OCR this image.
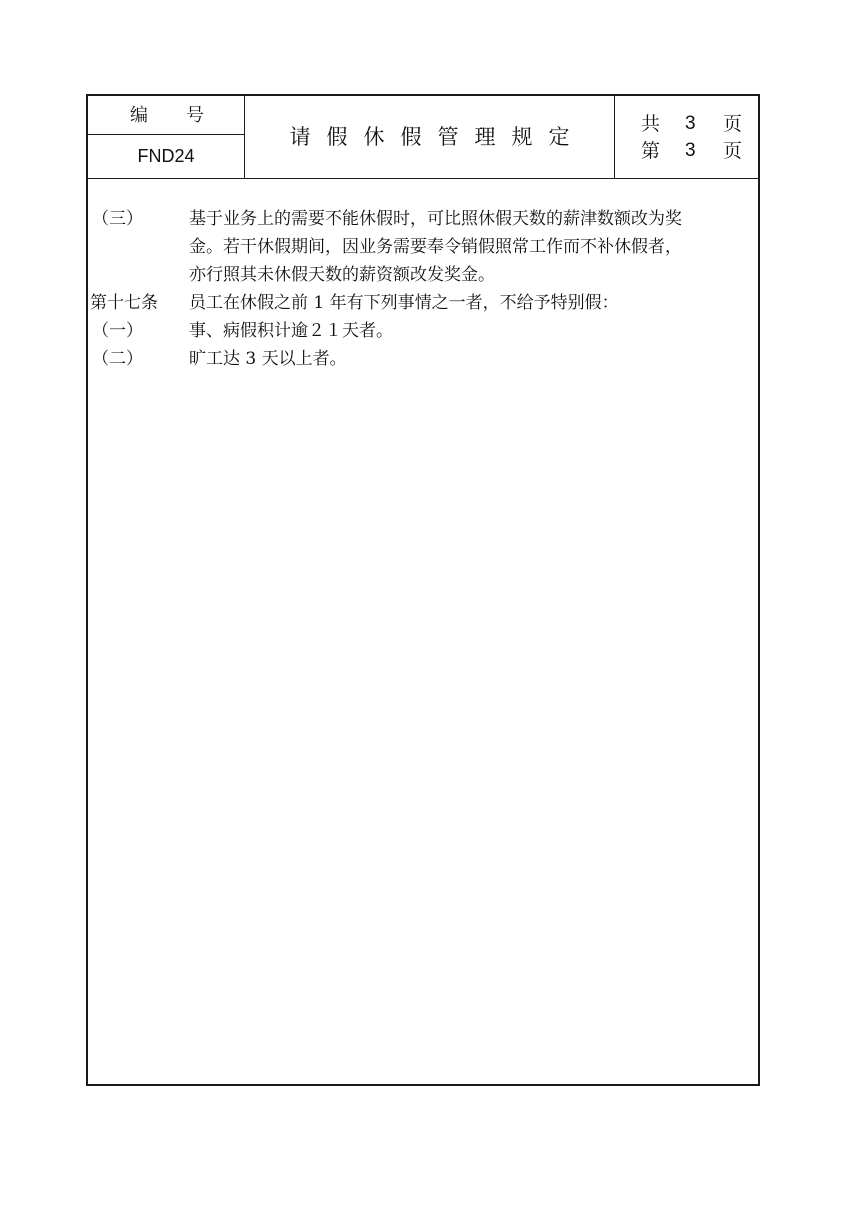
编 号
FND24
请假休假管理规定
共 3 页
第 3 页
（三）	基于业务上的需要不能休假时，可比照休假天数的薪津数额改为奖
金。若干休假期间，因业务需要奉令销假照常工作而不补休假者，
亦行照其未休假天数的薪资额改发奖金。
第十七条 员工在休假之前 1 年有下列事情之一者，不给予特别假：
（一）	事、病假积计逾２１天者。
（二）	旷工达 3 天以上者。
